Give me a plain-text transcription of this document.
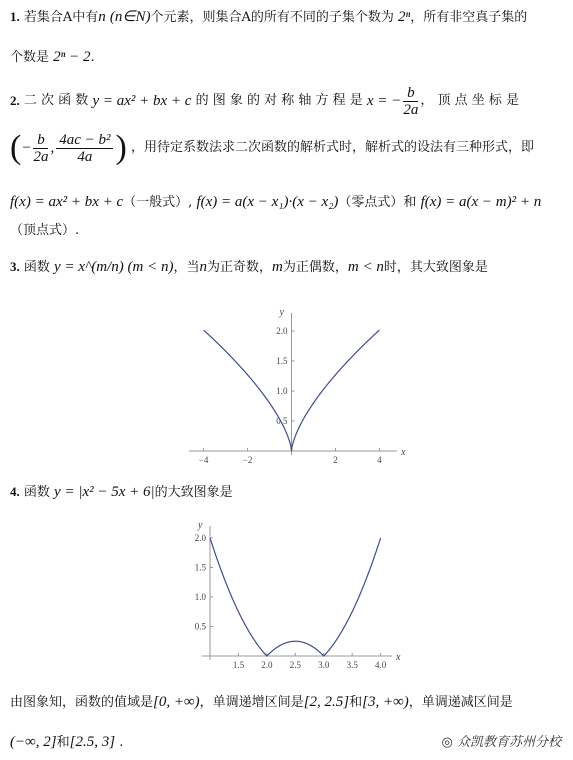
1. 若集合A中有n (n∈N)个元素，则集合A的所有不同的子集个数为 2ⁿ，所有非空真子集的
个数是 2ⁿ − 2.
2.
二 次 函 数
y = ax² + bx + c
的 图 象 的 对 称 轴 方 程 是
x = − $\frac{b}{2a}$ ， 顶 点 坐 标 是
( − $\frac{b}{2a}$ , $\frac{\text{4ac − b²}}{4a}$ )
，用待定系数法求二次函数的解析式时，解析式的设法有三种形式，即
f(x) = ax² + bx + c（一般式）, f(x) = a(x − x₁)·(x − x₂)（零点式）和 f(x) = a(x − m)² + n
（顶点式）.
3. 函数 y = x^(m/n) (m < n)，当n为正奇数，m为正偶数，m < n时，其大致图象是
x
y
−4	−2	2	4
0.5
1.0
1.5
2.0
4. 函数 y = |x² − 5x + 6|的大致图象是
x
y
1.5 2.0 2.5 3.0 3.5 4.0
0.5
1.0
1.5
2.0
由图象知，函数的值域是[0, +∞)，单调递增区间是[2, 2.5]和[3, +∞)，单调递减区间是
(−∞, 2]和[2.5, 3] .	◎ 众凯教育苏州分校
